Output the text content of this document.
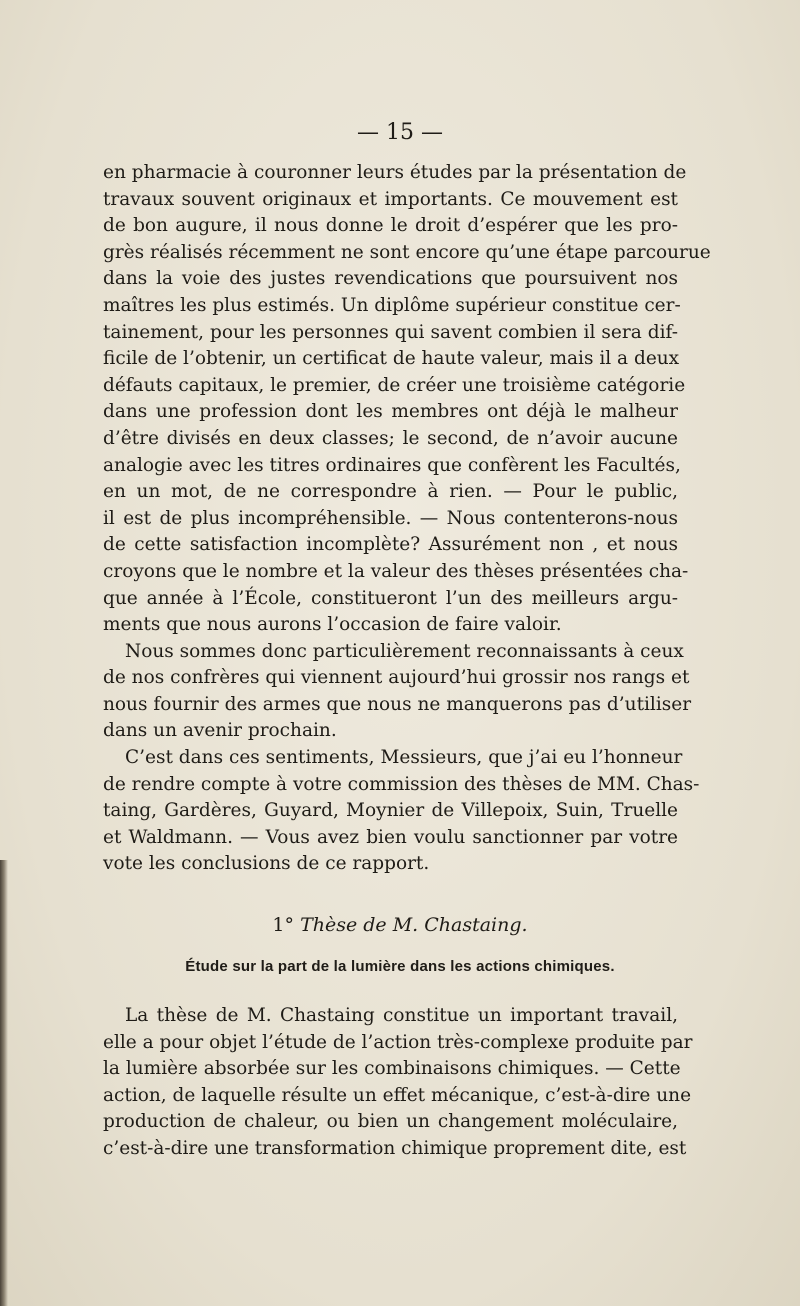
— 15 —

en pharmacie à couronner leurs études par la présentation de
travaux souvent originaux et importants. Ce mouvement est
de bon augure, il nous donne le droit d’espérer que les pro-
grès réalisés récemment ne sont encore qu’une étape parcourue
dans la voie des justes revendications que poursuivent nos
maîtres les plus estimés. Un diplôme supérieur constitue cer-
tainement, pour les personnes qui savent combien il sera dif-
ficile de l’obtenir, un certificat de haute valeur, mais il a deux
défauts capitaux, le premier, de créer une troisième catégorie
dans une profession dont les membres ont déjà le malheur
d’être divisés en deux classes; le second, de n’avoir aucune
analogie avec les titres ordinaires que confèrent les Facultés,
en un mot, de ne correspondre à rien. — Pour le public,
il est de plus incompréhensible. — Nous contenterons-nous
de cette satisfaction incomplète? Assurément non , et nous
croyons que le nombre et la valeur des thèses présentées cha-
que année à l’École, constitueront l’un des meilleurs argu-
ments que nous aurons l’occasion de faire valoir.

Nous sommes donc particulièrement reconnaissants à ceux
de nos confrères qui viennent aujourd’hui grossir nos rangs et
nous fournir des armes que nous ne manquerons pas d’utiliser
dans un avenir prochain.

C’est dans ces sentiments, Messieurs, que j’ai eu l’honneur
de rendre compte à votre commission des thèses de MM. Chas-
taing, Gardères, Guyard, Moynier de Villepoix, Suin, Truelle
et Waldmann. — Vous avez bien voulu sanctionner par votre
vote les conclusions de ce rapport.

1° Thèse de M. Chastaing.
Étude sur la part de la lumière dans les actions chimiques.

La thèse de M. Chastaing constitue un important travail,
elle a pour objet l’étude de l’action très-complexe produite par
la lumière absorbée sur les combinaisons chimiques. — Cette
action, de laquelle résulte un effet mécanique, c’est-à-dire une
production de chaleur, ou bien un changement moléculaire,
c’est-à-dire une transformation chimique proprement dite, est
